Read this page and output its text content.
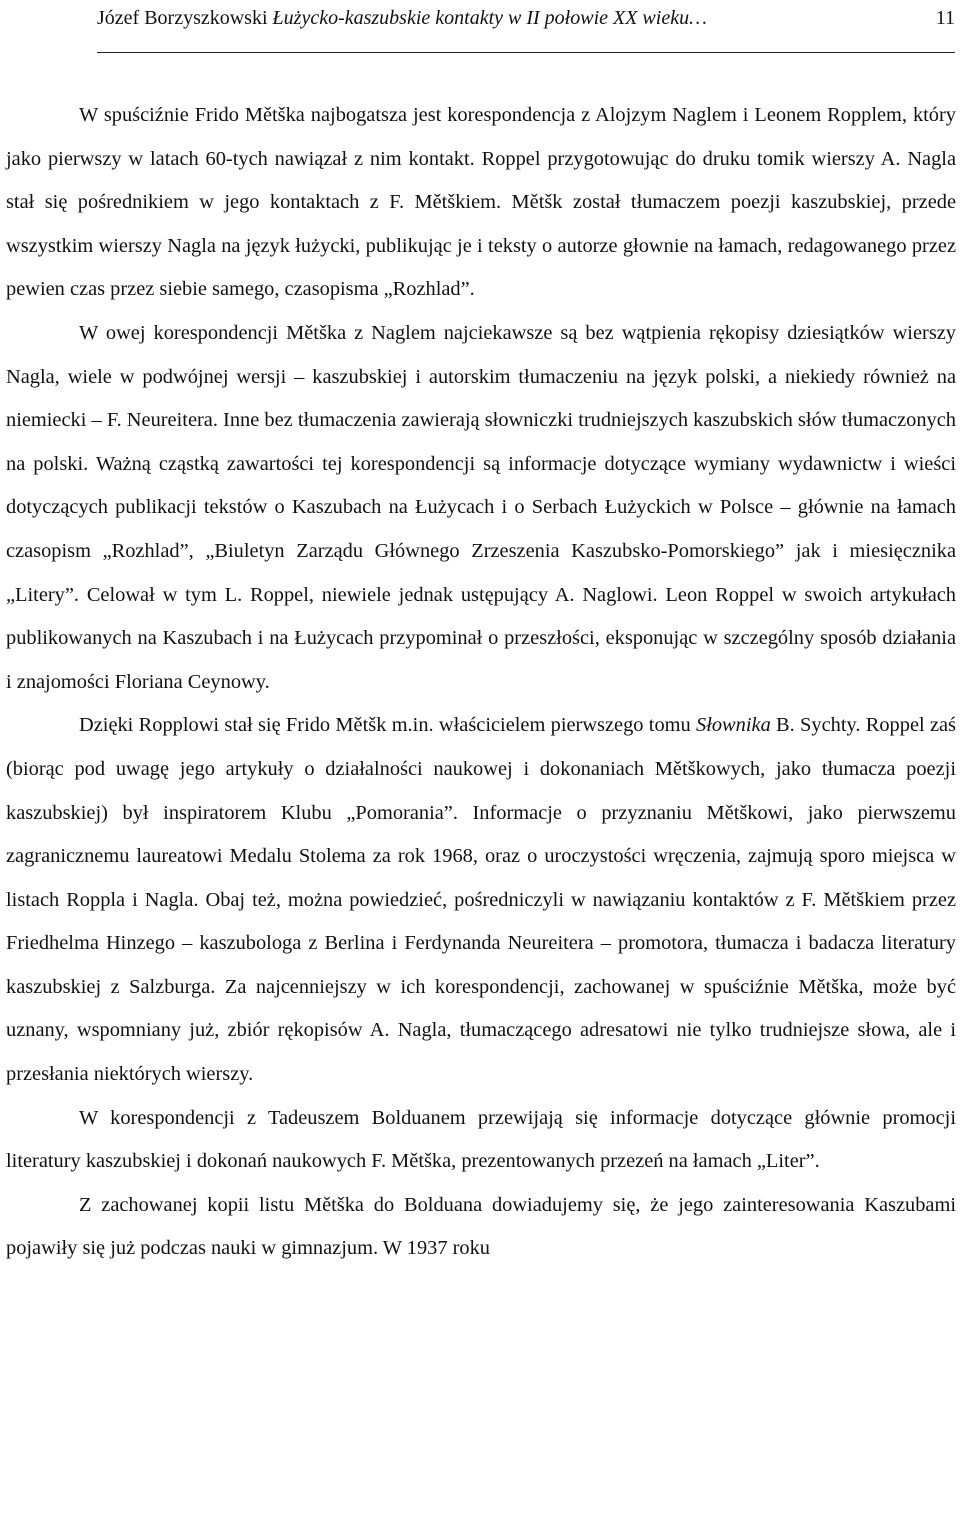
Józef Borzyszkowski Łużycko-kaszubskie kontakty w II połowie XX wieku…	11

W spuściźnie Frido Mětška najbogatsza jest korespondencja z Alojzym Naglem i Leonem Ropplem, który jako pierwszy w latach 60-tych nawiązał z nim kontakt. Roppel przygotowując do druku tomik wierszy A. Nagla stał się pośrednikiem w jego kontaktach z F. Mětškiem. Mětšk został tłumaczem poezji kaszubskiej, przede wszystkim wierszy Nagla na język łużycki, publikując je i teksty o autorze głownie na łamach, redagowanego przez pewien czas przez siebie samego, czasopisma „Rozhlad”.

W owej korespondencji Mětška z Naglem najciekawsze są bez wątpienia rękopisy dziesiątków wierszy Nagla, wiele w podwójnej wersji – kaszubskiej i autorskim tłumaczeniu na język polski, a niekiedy również na niemiecki – F. Neureitera. Inne bez tłumaczenia zawierają słowniczki trudniejszych kaszubskich słów tłumaczonych na polski. Ważną cząstką zawartości tej korespondencji są informacje dotyczące wymiany wydawnictw i wieści dotyczących publikacji tekstów o Kaszubach na Łużycach i o Serbach Łużyckich w Polsce – głównie na łamach czasopism „Rozhlad”, „Biuletyn Zarządu Głównego Zrzeszenia Kaszubsko-Pomorskiego” jak i miesięcznika „Litery”. Celował w tym L. Roppel, niewiele jednak ustępujący A. Naglowi. Leon Roppel w swoich artykułach publikowanych na Kaszubach i na Łużycach przypominał o przeszłości, eksponując w szczególny sposób działania i znajomości Floriana Ceynowy.

Dzięki Ropplowi stał się Frido Mětšk m.in. właścicielem pierwszego tomu Słownika B. Sychty. Roppel zaś (biorąc pod uwagę jego artykuły o działalności naukowej i dokonaniach Mětškowych, jako tłumacza poezji kaszubskiej) był inspiratorem Klubu „Pomorania”. Informacje o przyznaniu Mětškowi, jako pierwszemu zagranicznemu laureatowi Medalu Stolema za rok 1968, oraz o uroczystości wręczenia, zajmują sporo miejsca w listach Roppla i Nagla. Obaj też, można powiedzieć, pośredniczyli w nawiązaniu kontaktów z F. Mětškiem przez Friedhelma Hinzego – kaszubologa z Berlina i Ferdynanda Neureitera – promotora, tłumacza i badacza literatury kaszubskiej z Salzburga. Za najcenniejszy w ich korespondencji, zachowanej w spuściźnie Mětška, może być uznany, wspomniany już, zbiór rękopisów A. Nagla, tłumaczącego adresatowi nie tylko trudniejsze słowa, ale i przesłania niektórych wierszy.

W korespondencji z Tadeuszem Bolduanem przewijają się informacje dotyczące głównie promocji literatury kaszubskiej i dokonań naukowych F. Mětška, prezentowanych przezeń na łamach „Liter”.

Z zachowanej kopii listu Mětška do Bolduana dowiadujemy się, że jego zainteresowania Kaszubami pojawiły się już podczas nauki w gimnazjum. W 1937 roku
